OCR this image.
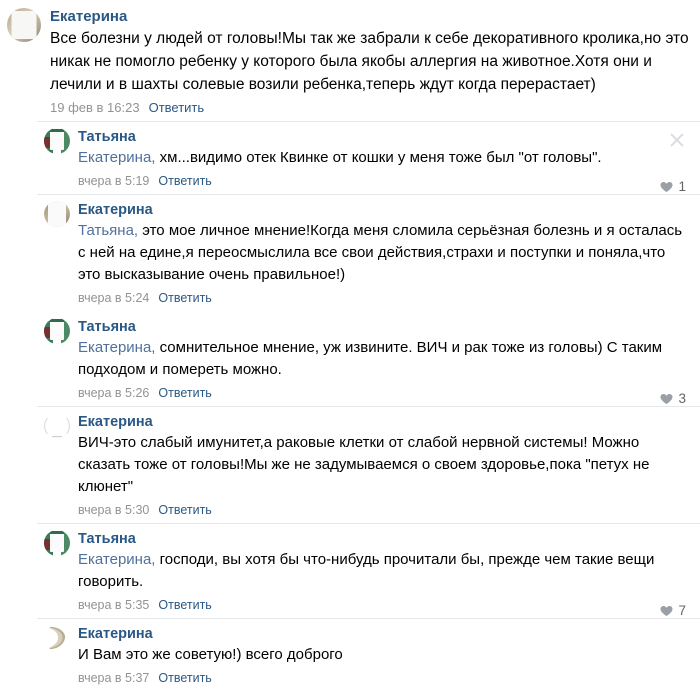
Екатерина
Все болезни у людей от головы!Мы так же забрали к себе декоративного кролика,но это никак не помогло ребенку у которого была якобы аллергия на животное.Хотя они и лечили и в шахты солевые возили ребенка,теперь ждут когда перерастает)
19 фев в 16:23 Ответить
Татьяна
Екатерина, хм...видимо отек Квинке от кошки у меня тоже был "от головы".
вчера в 5:19 Ответить	1
Екатерина
Татьяна, это мое личное мнение!Когда меня сломила серьёзная болезнь и я осталась с ней на едине,я переосмыслила все свои действия,страхи и поступки и поняла,что это высказывание очень правильное!)
вчера в 5:24 Ответить
Татьяна
Екатерина, сомнительное мнение, уж извините. ВИЧ и рак тоже из головы) С таким подходом и помереть можно.
вчера в 5:26 Ответить	3
Екатерина
ВИЧ-это слабый имунитет,а раковые клетки от слабой нервной системы! Можно сказать тоже от головы!Мы же не задумываемся о своем здоровье,пока "петух не клюнет"
вчера в 5:30 Ответить
Татьяна
Екатерина, господи, вы хотя бы что-нибудь прочитали бы, прежде чем такие вещи говорить.
вчера в 5:35 Ответить	7
Екатерина
И Вам это же советую!) всего доброго
вчера в 5:37 Ответить
